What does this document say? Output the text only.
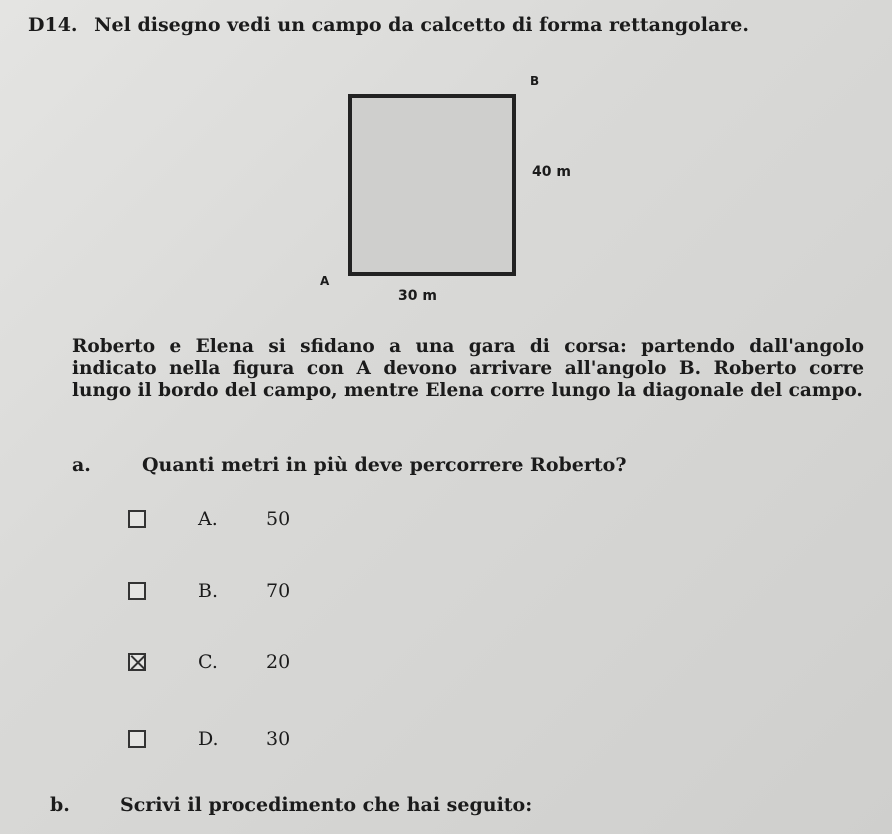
D14. Nel disegno vedi un campo da calcetto di forma rettangolare.
B
40 m
A
30 m
Roberto e Elena si sfidano a una gara di corsa: partendo dall'angolo indicato nella figura con A devono arrivare all'angolo B. Roberto corre lungo il bordo del campo, mentre Elena corre lungo la diagonale del campo.
a.	Quanti metri in più deve percorrere Roberto?
A.	50
B.	70
C.	20
D. 30
b.	Scrivi il procedimento che hai seguito:
